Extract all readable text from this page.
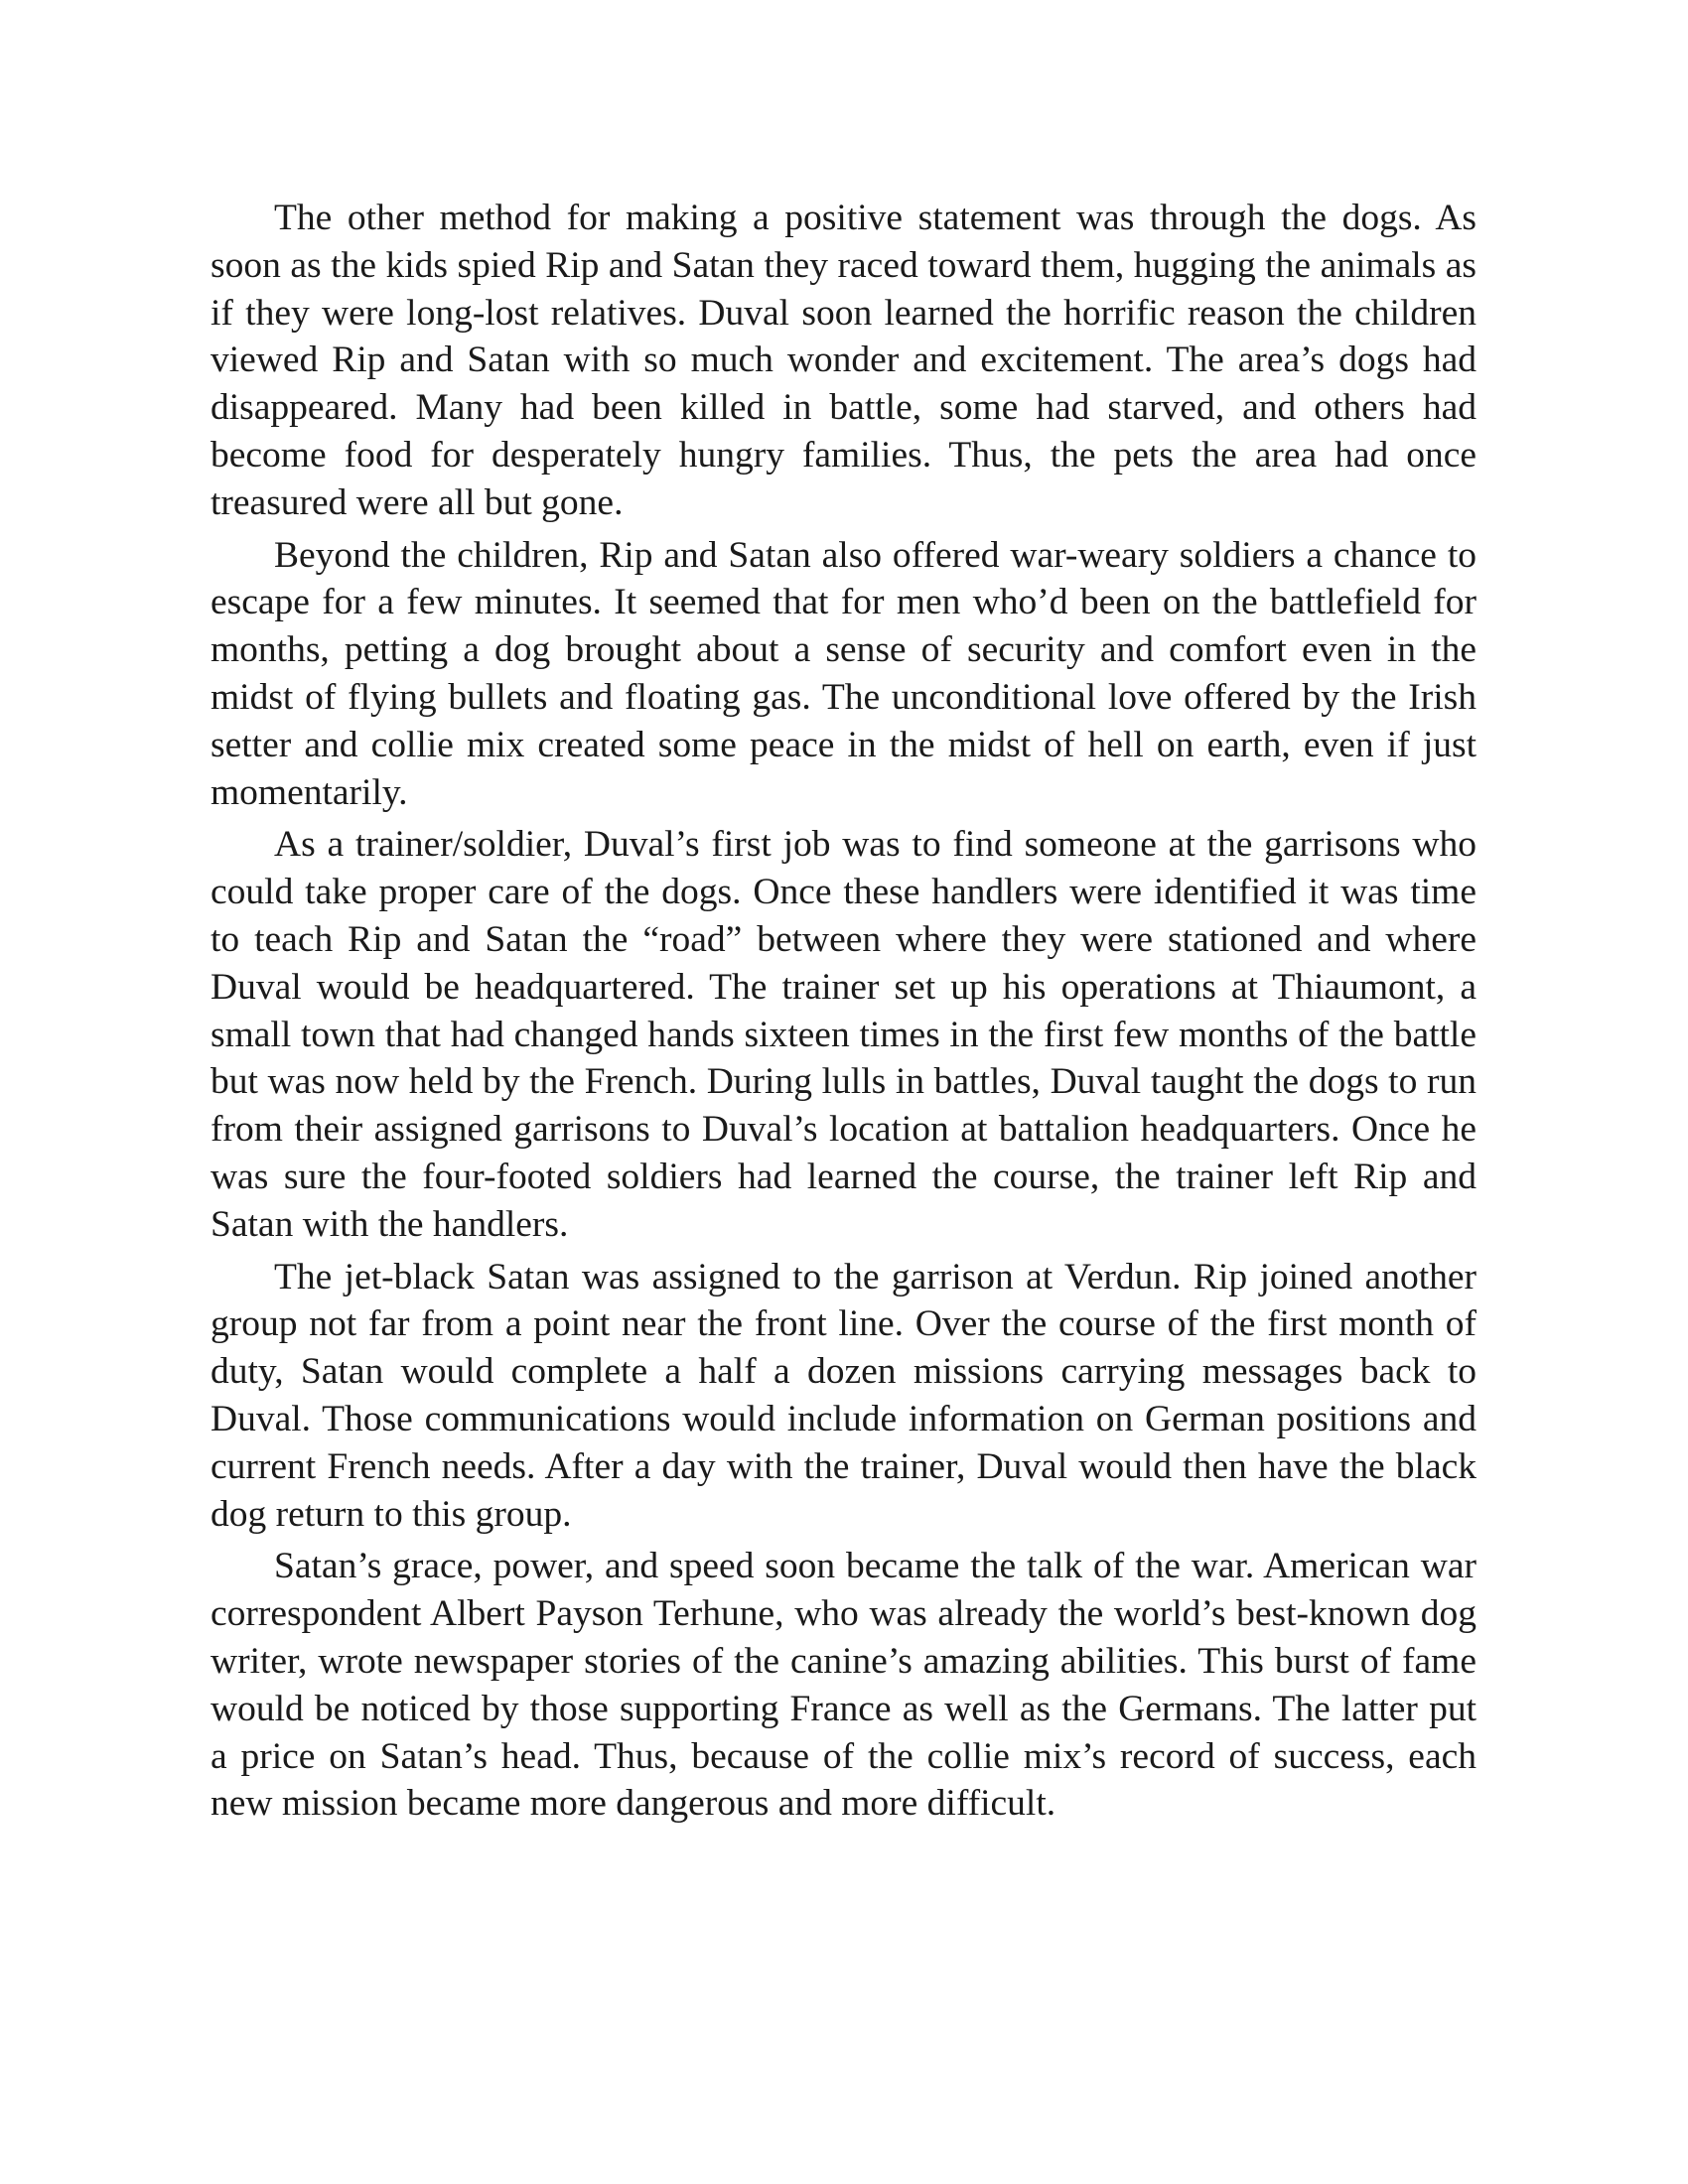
The other method for making a positive statement was through the dogs. As soon as the kids spied Rip and Satan they raced toward them, hugging the animals as if they were long-lost relatives. Duval soon learned the horrific reason the children viewed Rip and Satan with so much wonder and excitement. The area’s dogs had disappeared. Many had been killed in battle, some had starved, and others had become food for desperately hungry families. Thus, the pets the area had once treasured were all but gone.

Beyond the children, Rip and Satan also offered war-weary soldiers a chance to escape for a few minutes. It seemed that for men who’d been on the battlefield for months, petting a dog brought about a sense of security and comfort even in the midst of flying bullets and floating gas. The unconditional love offered by the Irish setter and collie mix created some peace in the midst of hell on earth, even if just momentarily.

As a trainer/soldier, Duval’s first job was to find someone at the garrisons who could take proper care of the dogs. Once these handlers were identified it was time to teach Rip and Satan the “road” between where they were stationed and where Duval would be headquartered. The trainer set up his operations at Thiaumont, a small town that had changed hands sixteen times in the first few months of the battle but was now held by the French. During lulls in battles, Duval taught the dogs to run from their assigned garrisons to Duval’s location at battalion headquarters. Once he was sure the four-footed soldiers had learned the course, the trainer left Rip and Satan with the handlers.

The jet-black Satan was assigned to the garrison at Verdun. Rip joined another group not far from a point near the front line. Over the course of the first month of duty, Satan would complete a half a dozen missions carrying messages back to Duval. Those communications would include information on German positions and current French needs. After a day with the trainer, Duval would then have the black dog return to this group.

Satan’s grace, power, and speed soon became the talk of the war. American war correspondent Albert Payson Terhune, who was already the world’s best-known dog writer, wrote newspaper stories of the canine’s amazing abilities. This burst of fame would be noticed by those supporting France as well as the Germans. The latter put a price on Satan’s head. Thus, because of the collie mix’s record of success, each new mission became more dangerous and more difficult.
